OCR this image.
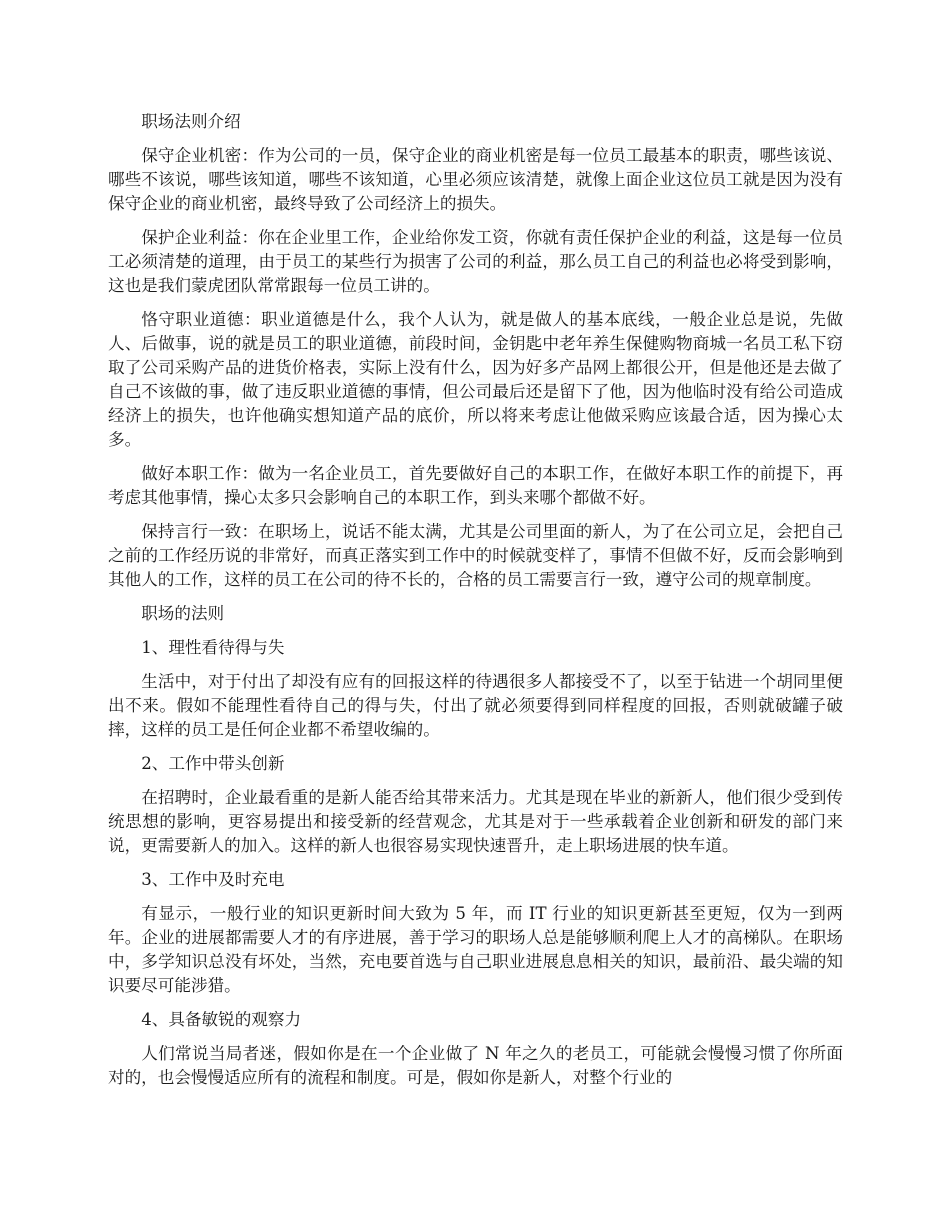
职场法则介绍

保守企业机密：作为公司的一员，保守企业的商业机密是每一位员工最基本的职责，哪些该说、哪些不该说，哪些该知道，哪些不该知道，心里必须应该清楚，就像上面企业这位员工就是因为没有保守企业的商业机密，最终导致了公司经济上的损失。

保护企业利益：你在企业里工作，企业给你发工资，你就有责任保护企业的利益，这是每一位员工必须清楚的道理，由于员工的某些行为损害了公司的利益，那么员工自己的利益也必将受到影响，这也是我们蒙虎团队常常跟每一位员工讲的。

恪守职业道德：职业道德是什么，我个人认为，就是做人的基本底线，一般企业总是说，先做人、后做事，说的就是员工的职业道德，前段时间，金钥匙中老年养生保健购物商城一名员工私下窃取了公司采购产品的进货价格表，实际上没有什么，因为好多产品网上都很公开，但是他还是去做了自己不该做的事，做了违反职业道德的事情，但公司最后还是留下了他，因为他临时没有给公司造成经济上的损失，也许他确实想知道产品的底价，所以将来考虑让他做采购应该最合适，因为操心太多。

做好本职工作：做为一名企业员工，首先要做好自己的本职工作，在做好本职工作的前提下，再考虑其他事情，操心太多只会影响自己的本职工作，到头来哪个都做不好。

保持言行一致：在职场上，说话不能太满，尤其是公司里面的新人，为了在公司立足，会把自己之前的工作经历说的非常好，而真正落实到工作中的时候就变样了，事情不但做不好，反而会影响到其他人的工作，这样的员工在公司的待不长的，合格的员工需要言行一致，遵守公司的规章制度。

职场的法则

1、理性看待得与失

生活中，对于付出了却没有应有的回报这样的待遇很多人都接受不了，以至于钻进一个胡同里便出不来。假如不能理性看待自己的得与失，付出了就必须要得到同样程度的回报，否则就破罐子破摔，这样的员工是任何企业都不希望收编的。

2、工作中带头创新

在招聘时，企业最看重的是新人能否给其带来活力。尤其是现在毕业的新新人，他们很少受到传统思想的影响，更容易提出和接受新的经营观念，尤其是对于一些承载着企业创新和研发的部门来说，更需要新人的加入。这样的新人也很容易实现快速晋升，走上职场进展的快车道。

3、工作中及时充电

有显示，一般行业的知识更新时间大致为 5 年，而 IT 行业的知识更新甚至更短，仅为一到两年。企业的进展都需要人才的有序进展，善于学习的职场人总是能够顺利爬上人才的高梯队。在职场中，多学知识总没有坏处，当然，充电要首选与自己职业进展息息相关的知识，最前沿、最尖端的知识要尽可能涉猎。

4、具备敏锐的观察力

人们常说当局者迷，假如你是在一个企业做了 N 年之久的老员工，可能就会慢慢习惯了你所面对的，也会慢慢适应所有的流程和制度。可是，假如你是新人，对整个行业的
